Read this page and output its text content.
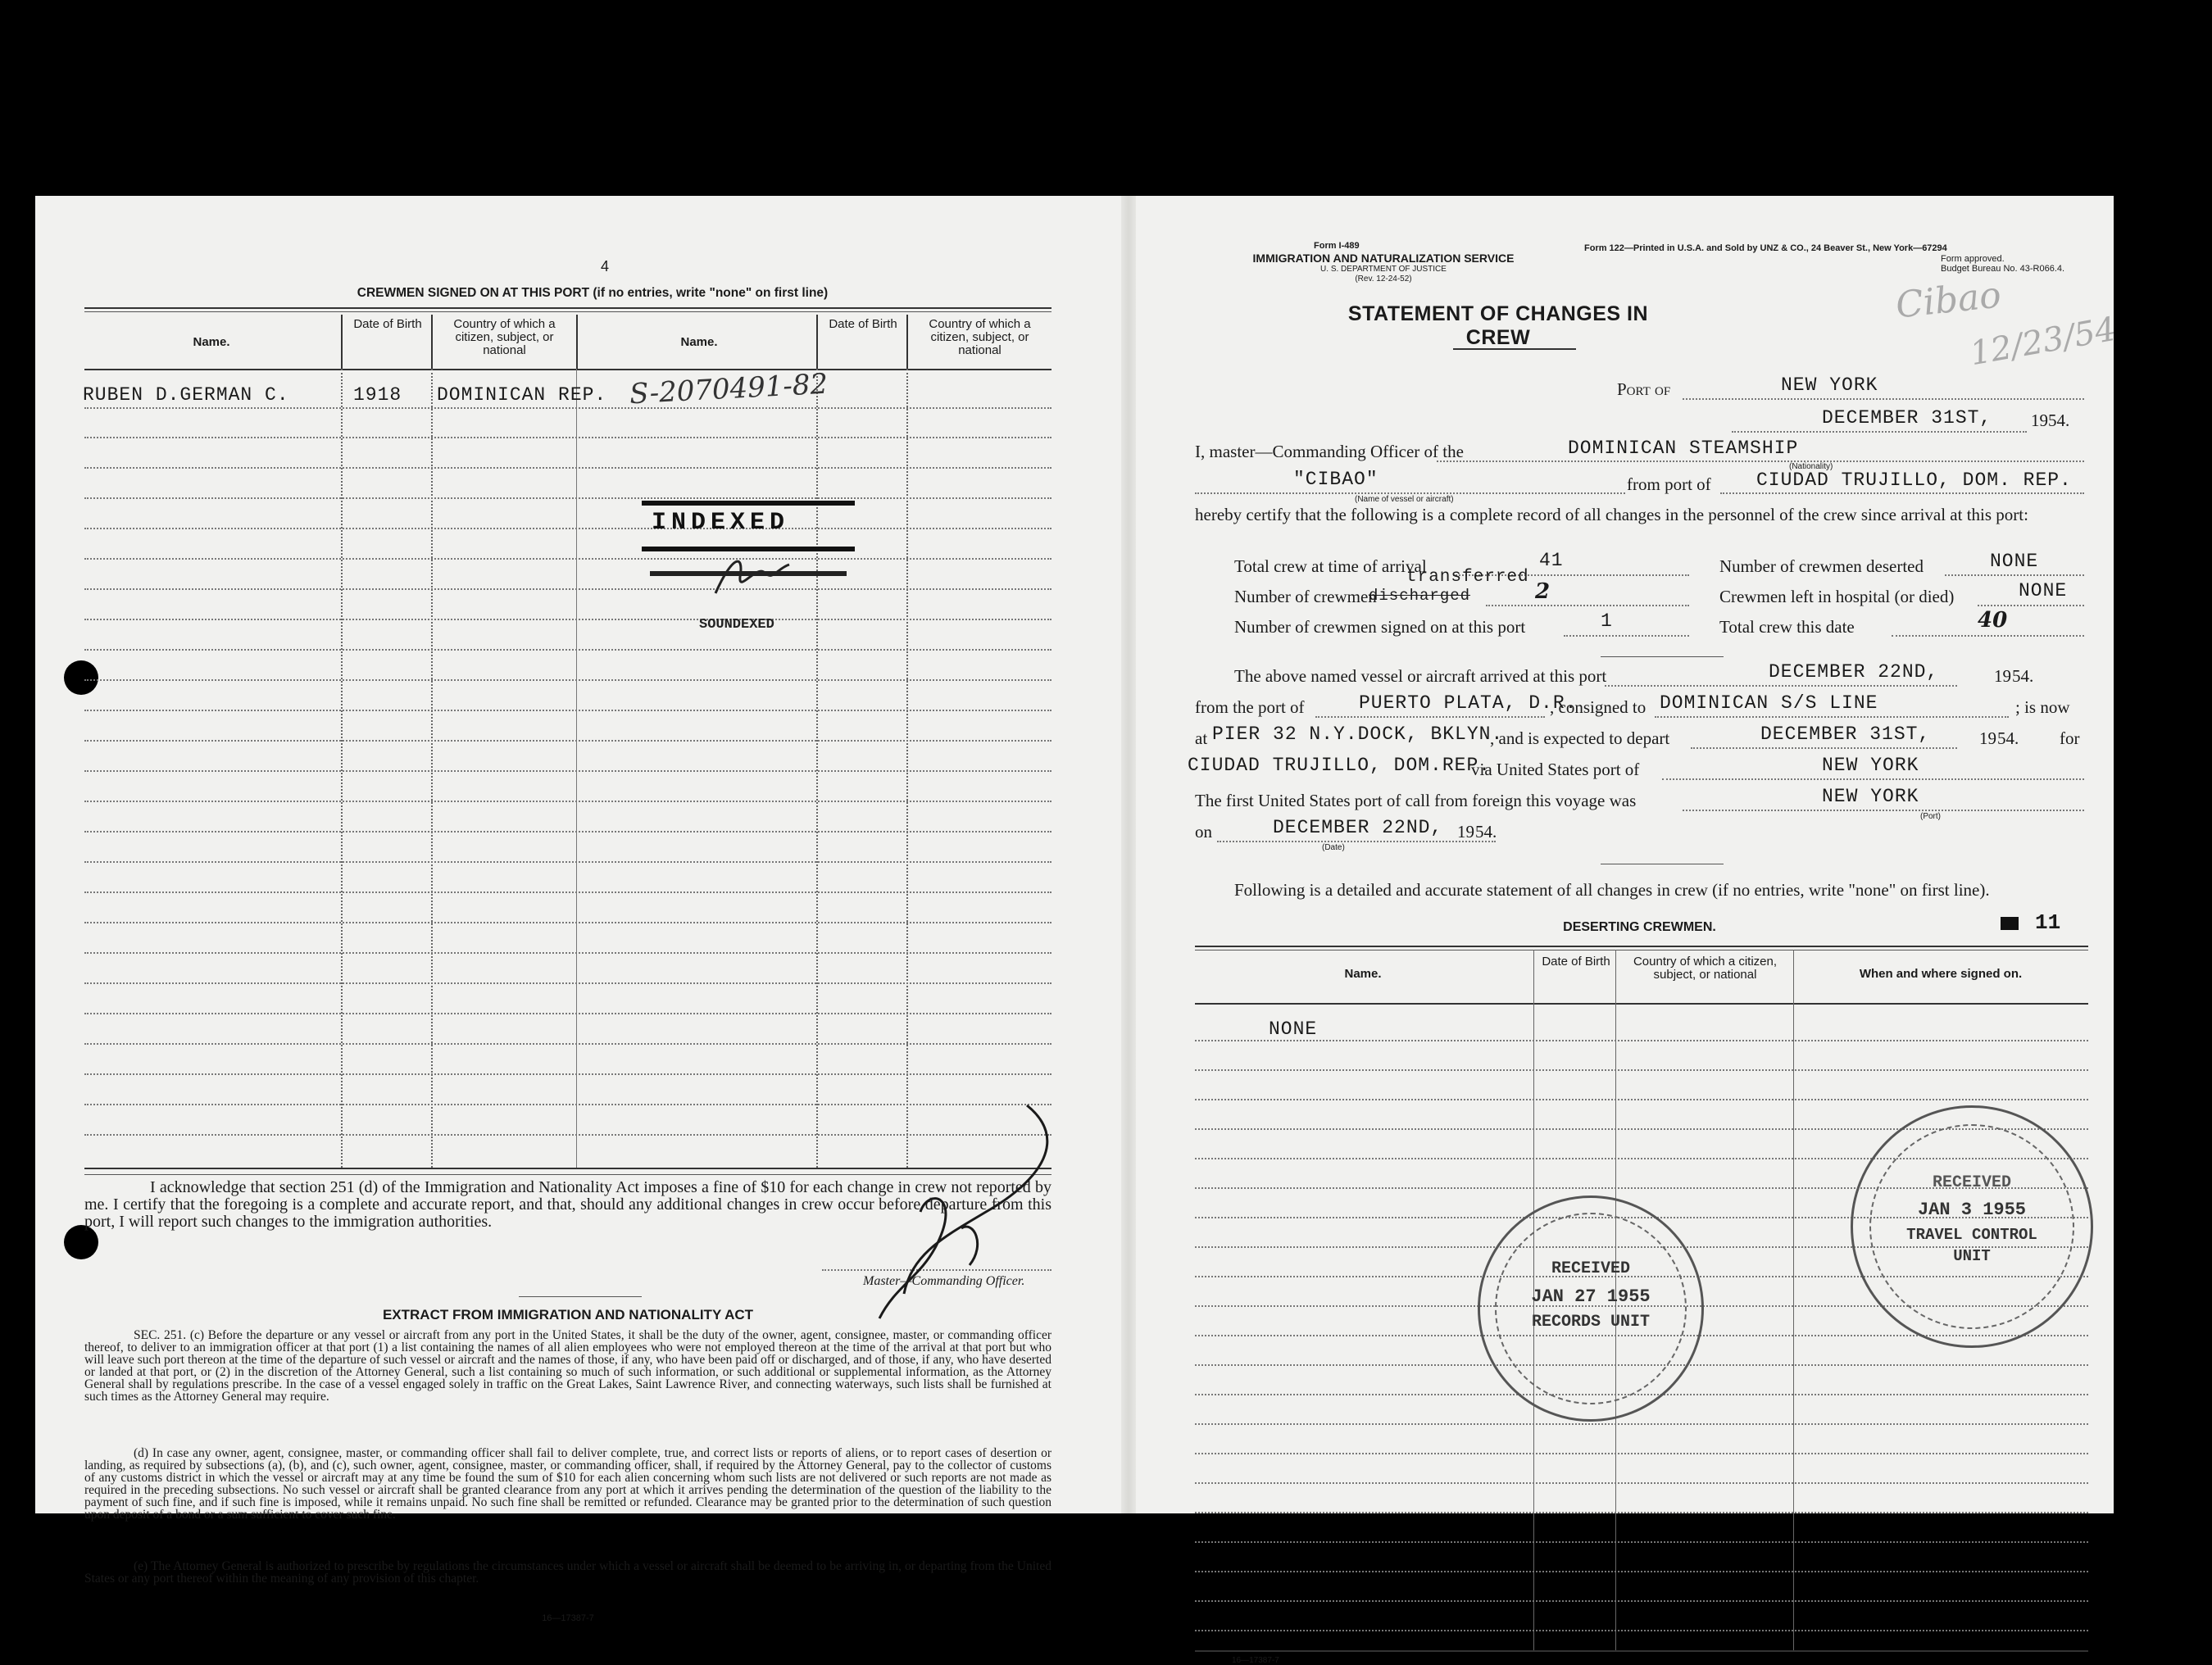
4
CREWMEN SIGNED ON AT THIS PORT (if no entries, write "none" on first line)
Name.
Date of Birth	Country of which a citizen, subject, or national
Name.
Date of Birth	Country of which a citizen, subject, or national
RUBEN D.GERMAN C.	1918 DOMINICAN REP. S-2070491-82
INDEXED
SOUNDEXED
I acknowledge that section 251 (d) of the Immigration and Nationality Act imposes a fine of $10 for each change in crew not reported by me. I certify that the foregoing is a complete and accurate report, and that, should any additional changes in crew occur before departure from this port, I will report such changes to the immigration authorities.
Master—Commanding Officer.
EXTRACT FROM IMMIGRATION AND NATIONALITY ACT
SEC. 251. (c) Before the departure or any vessel or aircraft from any port in the United States, it shall be the duty of the owner, agent, consignee, master, or commanding officer thereof, to deliver to an immigration officer at that port (1) a list containing the names of all alien employees who were not employed thereon at the time of the arrival at that port but who will leave such port thereon at the time of the departure of such vessel or aircraft and the names of those, if any, who have been paid off or discharged, and of those, if any, who have deserted or landed at that port, or (2) in the discretion of the Attorney General, such a list containing so much of such information, or such additional or supplemental information, as the Attorney General shall by regulations prescribe. In the case of a vessel engaged solely in traffic on the Great Lakes, Saint Lawrence River, and connecting waterways, such lists shall be furnished at such times as the Attorney General may require.
(d) In case any owner, agent, consignee, master, or commanding officer shall fail to deliver complete, true, and correct lists or reports of aliens, or to report cases of desertion or landing, as required by subsections (a), (b), and (c), such owner, agent, consignee, master, or commanding officer, shall, if required by the Attorney General, pay to the collector of customs of any customs district in which the vessel or aircraft may at any time be found the sum of $10 for each alien concerning whom such lists are not delivered or such reports are not made as required in the preceding subsections. No such vessel or aircraft shall be granted clearance from any port at which it arrives pending the determination of the question of the liability to the payment of such fine, and if such fine is imposed, while it remains unpaid. No such fine shall be remitted or refunded. Clearance may be granted prior to the determination of such question upon deposit of a bond or a sum sufficient to cover such fine.
(e) The Attorney General is authorized to prescribe by regulations the circumstances under which a vessel or aircraft shall be deemed to be arriving in, or departing from the United States or any port thereof within the meaning of any provision of this chapter.
16—17387-7
Form I-489
IMMIGRATION AND NATURALIZATION SERVICE
U. S. DEPARTMENT OF JUSTICE
(Rev. 12-24-52)
Form 122—Printed in U.S.A. and Sold by UNZ & CO., 24 Beaver St., New York—67294
Form approved.
Budget Bureau No. 43-R066.4.
STATEMENT OF CHANGES IN CREW
Cibao
12/23/54
Port of	NEW YORK
DECEMBER 31ST, 1954.
I, master—Commanding Officer of the	DOMINICAN STEAMSHIP
(Nationality)
"CIBAO"
(Name of vessel or aircraft)
from port of CIUDAD TRUJILLO, DOM. REP.
hereby certify that the following is a complete record of all changes in the personnel of the crew since arrival at this port:
Total crew at time of arrival	41
Number of crewmen
discharged
transferred
2
Number of crewmen signed on at this port	1
Number of crewmen deserted	NONE
Crewmen left in hospital (or died)	NONE
Total crew this date	40
The above named vessel or aircraft arrived at this port	DECEMBER 22ND,	19 54.
from the port of	PUERTO PLATA, D.R.
, consigned to DOMINICAN S/S LINE	; is now
at PIER 32 N.Y.DOCK, BKLYN.
, and is expected to depart	DECEMBER 31ST,	19 54. for
CIUDAD TRUJILLO, DOM.REP.
via United States port of	NEW YORK
The first United States port of call from foreign this voyage was	NEW YORK
(Port)
on	DECEMBER 22ND,
(Date)
19 54.
Following is a detailed and accurate statement of all changes in crew (if no entries, write "none" on first line).
DESERTING CREWMEN.	11
Name.
Date of Birth	Country of which a citizen, subject, or national	When and where signed on.
NONE
16—17387-7
RECEIVED
JAN 27 1955
RECORDS UNIT
RECEIVED
JAN 3 1955
TRAVEL CONTROL
UNIT
